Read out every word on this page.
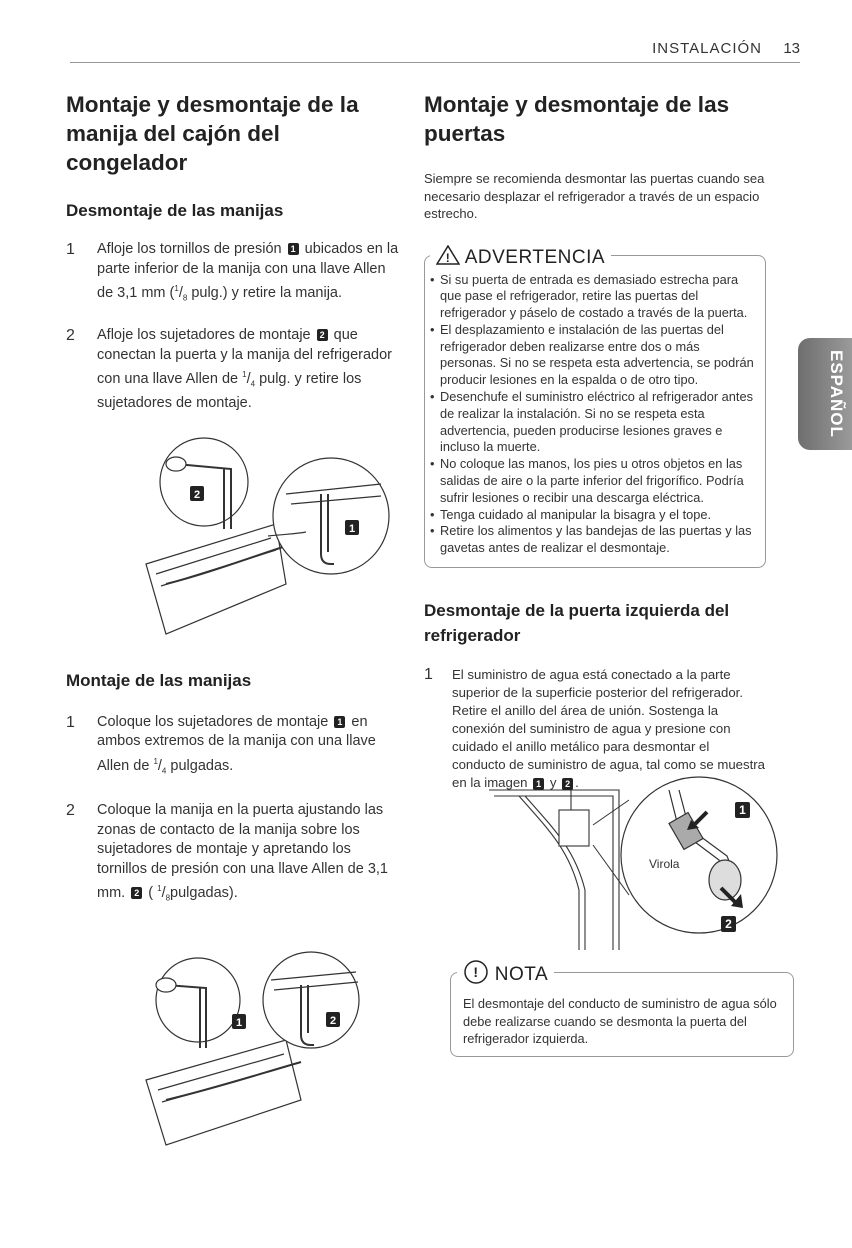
INSTALACIÓN 13
ESPAÑOL
Montaje y desmontaje de la manija del cajón del congelador
Desmontaje de las manijas
1 Afloje los tornillos de presión 1 ubicados en la parte inferior de la manija con una llave Allen de 3,1 mm ($^1/_8$ pulg.) y retire la manija.
2 Afloje los sujetadores de montaje 2 que conectan la puerta y la manija del refrigerador con una llave Allen de $^1/_4$ pulg. y retire los sujetadores de montaje.
2
1
Montaje de las manijas
1 Coloque los sujetadores de montaje 1 en ambos extremos de la manija con una llave Allen de $^1/_4$ pulgadas.
2 Coloque la manija en la puerta ajustando las zonas de contacto de la manija sobre los sujetadores de montaje y apretando los tornillos de presión con una llave Allen de 3,1 mm. 2 ( $^1/_8pulgadas$).
1	2
Montaje y desmontaje de las puertas
Siempre se recomienda desmontar las puertas cuando sea necesario desplazar el refrigerador a través de un espacio estrecho.
! ADVERTENCIA
• Si su puerta de entrada es demasiado estrecha para que pase el refrigerador, retire las puertas del refrigerador y páselo de costado a través de la puerta.
• El desplazamiento e instalación de las puertas del refrigerador deben realizarse entre dos o más personas. Si no se respeta esta advertencia, se podrán producir lesiones en la espalda o de otro tipo.
• Desenchufe el suministro eléctrico al refrigerador antes de realizar la instalación. Si no se respeta esta advertencia, pueden producirse lesiones graves e incluso la muerte.
• No coloque las manos, los pies u otros objetos en las salidas de aire o la parte inferior del frigorífico. Podría sufrir lesiones o recibir una descarga eléctrica.
• Tenga cuidado al manipular la bisagra y el tope.
• Retire los alimentos y las bandejas de las puertas y las gavetas antes de realizar el desmontaje.
Desmontaje de la puerta izquierda del refrigerador
1 El suministro de agua está conectado a la parte superior de la superficie posterior del refrigerador. Retire el anillo del área de unión. Sostenga la conexión del suministro de agua y presione con cuidado el anillo metálico para desmontar el conducto de suministro de agua, tal como se muestra en la imagen 1 y 2 .
Virola
1
2
! NOTA
El desmontaje del conducto de suministro de agua sólo debe realizarse cuando se desmonta la puerta del refrigerador izquierda.
